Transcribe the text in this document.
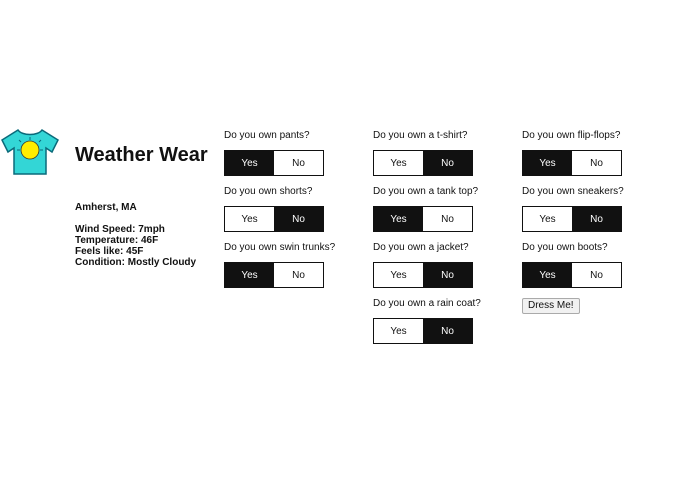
Weather Wear
Amherst, MA
Wind Speed: 7mph
Temperature: 46F
Feels like: 45F
Condition: Mostly Cloudy
Do you own pants?
Yes	No
Do you own shorts?
Yes	No
Do you own swin trunks?
Yes	No
Do you own a t-shirt?
Yes	No
Do you own a tank top?
Yes	No
Do you own a jacket?
Yes	No
Do you own a rain coat?
Yes	No
Do you own flip-flops?
Yes	No
Do you own sneakers?
Yes	No
Do you own boots?
Yes	No
Dress Me!
